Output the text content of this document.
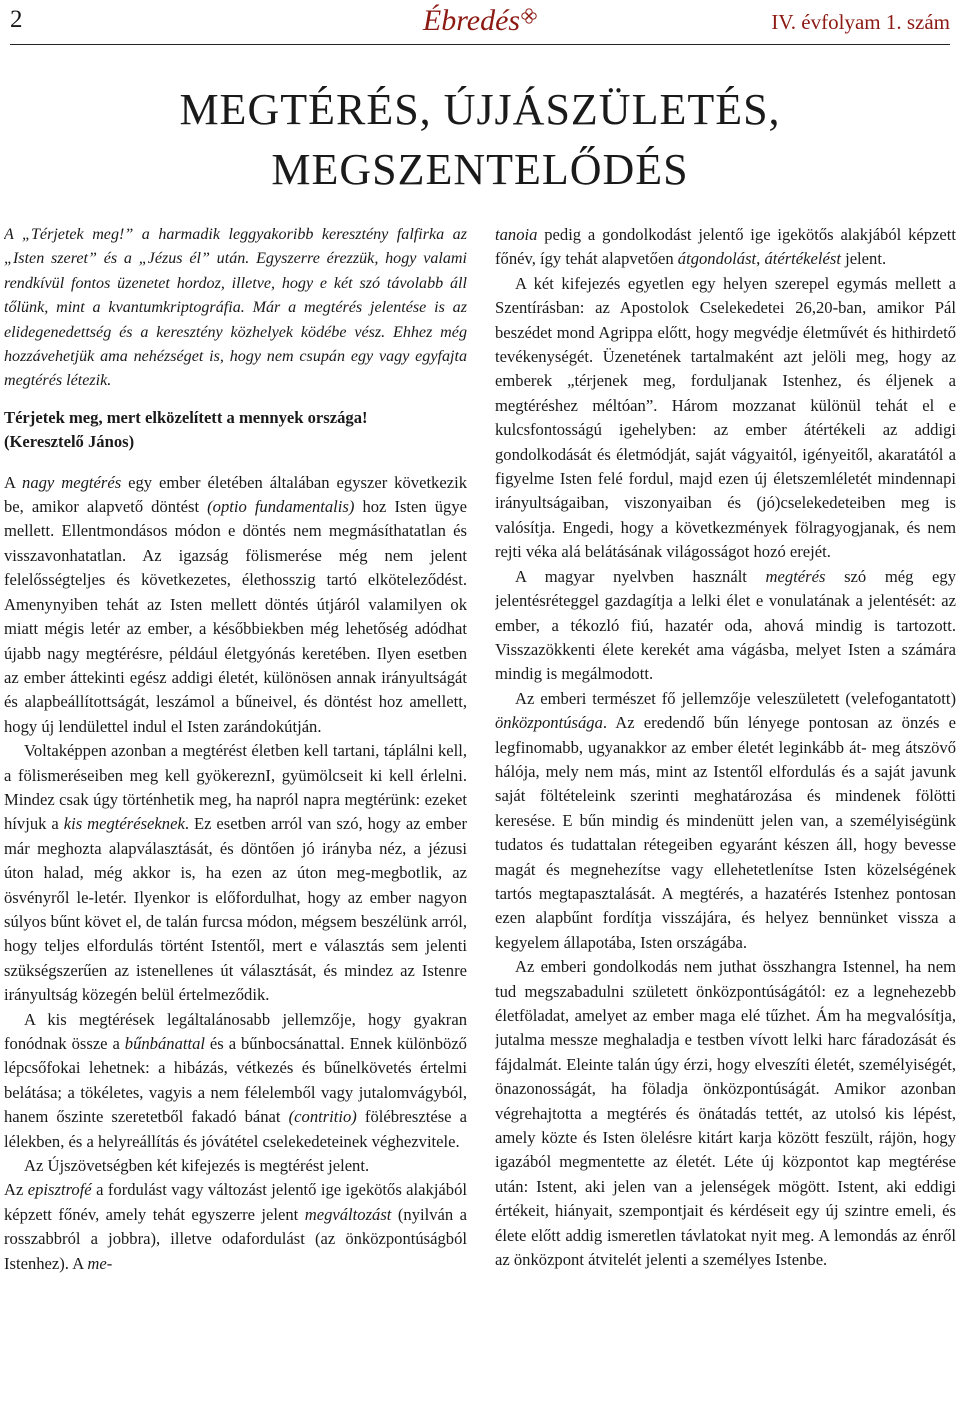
2	Ébredés	IV. évfolyam 1. szám
MEGTÉRÉS, ÚJJÁSZÜLETÉS,
MEGSZENTELŐDÉS

A „Térjetek meg!” a harmadik leggyakoribb keresztény falfirka az „Isten szeret” és a „Jézus él” után. Egyszerre érezzük, hogy valami rendkívül fontos üzenetet hordoz, illetve, hogy e két szó távolabb áll tőlünk, mint a kvantumkriptográfia. Már a megtérés jelentése is az elidegenedettség és a keresztény közhelyek ködébe vész. Ehhez még hozzávehetjük ama nehézséget is, hogy nem csupán egy vagy egyfajta megtérés létezik.

Térjetek meg, mert elközelített a mennyek országa!
(Keresztelő János)

A nagy megtérés egy ember életében általában egyszer következik be, amikor alapvető döntést (optio fundamentalis) hoz Isten ügye mellett. Ellentmondásos módon e döntés nem megmásíthatatlan és visszavonhatatlan. Az igazság fölismerése még nem jelent felelősségteljes és következetes, élethosszig tartó elköteleződést. Amenynyiben tehát az Isten mellett döntés útjáról valamilyen ok miatt mégis letér az ember, a későbbiekben még lehetőség adódhat újabb nagy megtérésre, például életgyónás keretében. Ilyen esetben az ember áttekinti egész addigi életét, különösen annak irányultságát és alapbeállítottságát, leszámol a bűneivel, és döntést hoz amellett, hogy új lendülettel indul el Isten zarándokútján.

Voltaképpen azonban a megtérést életben kell tartani, táplálni kell, a fölismeréseiben meg kell gyökereznI, gyümölcseit ki kell érlelni. Mindez csak úgy történhetik meg, ha napról napra megtérünk: ezeket hívjuk a kis megtéréseknek. Ez esetben arról van szó, hogy az ember már meghozta alapválasztását, és döntően jó irányba néz, a jézusi úton halad, még akkor is, ha ezen az úton meg-megbotlik, az ösvényről le-letér. Ilyenkor is előfordulhat, hogy az ember nagyon súlyos bűnt követ el, de talán furcsa módon, mégsem beszélünk arról, hogy teljes elfordulás történt Istentől, mert e választás sem jelenti szükségszerűen az istenellenes út választását, és mindez az Istenre irányultság közegén belül értelmeződik.

A kis megtérések legáltalánosabb jellemzője, hogy gyakran fonódnak össze a bűnbánattal és a bűnbocsánattal. Ennek különböző lépcsőfokai lehetnek: a hibázás, vétkezés és bűnelkövetés értelmi belátása; a tökéletes, vagyis a nem félelemből vagy jutalomvágyból, hanem őszinte szeretetből fakadó bánat (contritio) fölébresztése a lélekben, és a helyreállítás és jóvátétel cselekedeteinek véghezvitele.

Az Újszövetségben két kifejezés is megtérést jelent.

Az episztrofé a fordulást vagy változást jelentő ige igekötős alakjából képzett főnév, amely tehát egyszerre jelent megváltozást (nyilván a rosszabbról a jobbra), illetve odafordulást (az önközpontúságból Istenhez). A me-

tanoia pedig a gondolkodást jelentő ige igekötős alakjából képzett főnév, így tehát alapvetően átgondolást, átértékelést jelent.

A két kifejezés egyetlen egy helyen szerepel egymás mellett a Szentírásban: az Apostolok Cselekedetei 26,20-ban, amikor Pál beszédet mond Agrippa előtt, hogy megvédje életművét és hithirdető tevékenységét. Üzenetének tartalmaként azt jelöli meg, hogy az emberek „térjenek meg, forduljanak Istenhez, és éljenek a megtéréshez méltóan”. Három mozzanat különül tehát el e kulcsfontosságú igehelyben: az ember átértékeli az addigi gondolkodását és életmódját, saját vágyaitól, igényeitől, akaratától a figyelme Isten felé fordul, majd ezen új életszemléletét mindennapi irányultságaiban, viszonyaiban és (jó)cselekedeteiben meg is valósítja. Engedi, hogy a következmények fölragyogjanak, és nem rejti véka alá belátásának világosságot hozó erejét.

A magyar nyelvben használt megtérés szó még egy jelentésréteggel gazdagítja a lelki élet e vonulatának a jelentését: az ember, a tékozló fiú, hazatér oda, ahová mindig is tartozott. Visszazökkenti élete kerekét ama vágásba, melyet Isten a számára mindig is megálmodott.

Az emberi természet fő jellemzője veleszületett (velefogantatott) önközpontúsága. Az eredendő bűn lényege pontosan az önzés e legfinomabb, ugyanakkor az ember életét leginkább át- meg átszövő hálója, mely nem más, mint az Istentől elfordulás és a saját javunk saját föltételeink szerinti meghatározása és mindenek fölötti keresése. E bűn mindig és mindenütt jelen van, a személyiségünk tudatos és tudattalan rétegeiben egyaránt készen áll, hogy bevesse magát és megnehezítse vagy ellehetetlenítse Isten közelségének tartós megtapasztalását. A megtérés, a hazatérés Istenhez pontosan ezen alapbűnt fordítja visszájára, és helyez bennünket vissza a kegyelem állapotába, Isten országába.

Az emberi gondolkodás nem juthat összhangra Istennel, ha nem tud megszabadulni született önközpontúságától: ez a legnehezebb életföladat, amelyet az ember maga elé tűzhet. Ám ha megvalósítja, jutalma messze meghaladja e testben vívott lelki harc fáradozását és fájdalmát. Eleinte talán úgy érzi, hogy elveszíti életét, személyiségét, önazonosságát, ha föladja önközpontúságát. Amikor azonban végrehajtotta a megtérés és önátadás tettét, az utolsó kis lépést, amely közte és Isten ölelésre kitárt karja között feszült, rájön, hogy igazából megmentette az életét. Léte új központot kap megtérése után: Istent, aki jelen van a jelenségek mögött. Istent, aki eddigi értékeit, hiányait, szempontjait és kérdéseit egy új szintre emeli, és élete előtt addig ismeretlen távlatokat nyit meg. A lemondás az énről az önközpont átvitelét jelenti a személyes Istenbe.
